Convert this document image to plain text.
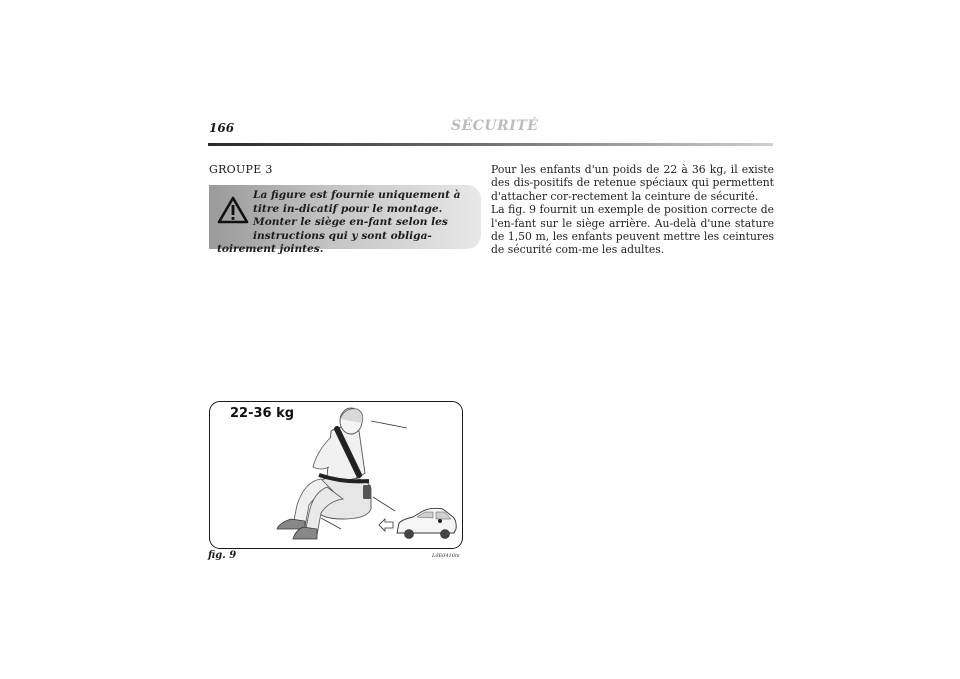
166	SÉCURITÉ
GROUPE 3
La figure est fournie uniquement à titre in-dicatif pour le montage. Monter le siège en-fant selon les instructions qui y sont obliga-toirement jointes.

Pour les enfants d'un poids de 22 à 36 kg, il existe des dis-positifs de retenue spéciaux qui permettent d'attacher cor-rectement la ceinture de sécurité.

La fig. 9 fournit un exemple de position correcte de l'en-fant sur le siège arrière. Au-delà d'une stature de 1,50 m, les enfants peuvent mettre les ceintures de sécurité com-me les adultes.

22-36 kg
fig. 9	L0E0410m
